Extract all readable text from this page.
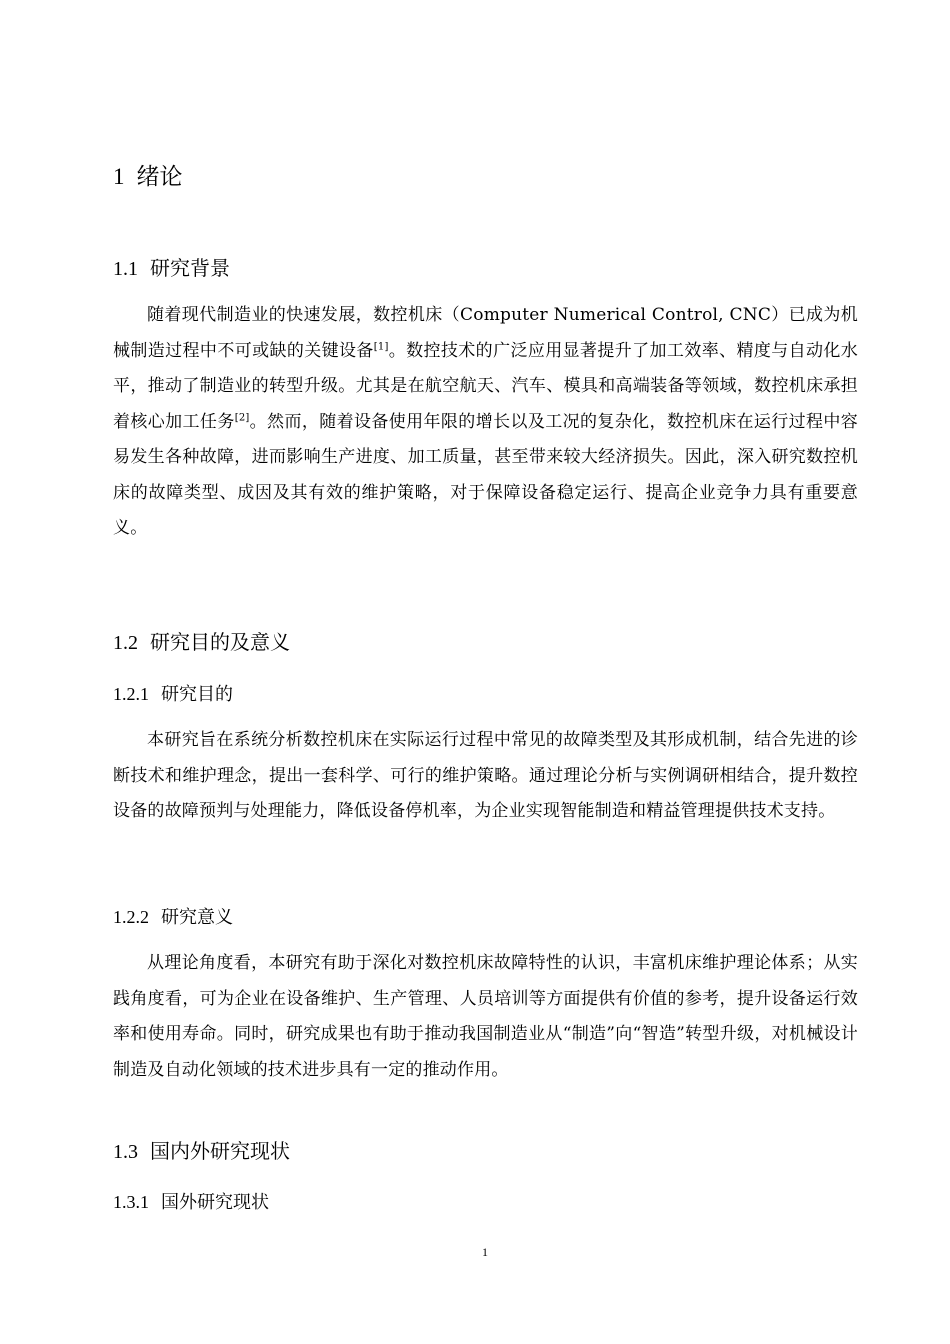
1 绪论
1.1 研究背景

随着现代制造业的快速发展，数控机床（Computer Numerical Control, CNC）已成为机械制造过程中不可或缺的关键设备[1]。数控技术的广泛应用显著提升了加工效率、精度与自动化水平，推动了制造业的转型升级。尤其是在航空航天、汽车、模具和高端装备等领域，数控机床承担着核心加工任务[2]。然而，随着设备使用年限的增长以及工况的复杂化，数控机床在运行过程中容易发生各种故障，进而影响生产进度、加工质量，甚至带来较大经济损失。因此，深入研究数控机床的故障类型、成因及其有效的维护策略，对于保障设备稳定运行、提高企业竞争力具有重要意义。

1.2 研究目的及意义
1.2.1 研究目的

本研究旨在系统分析数控机床在实际运行过程中常见的故障类型及其形成机制，结合先进的诊断技术和维护理念，提出一套科学、可行的维护策略。通过理论分析与实例调研相结合，提升数控设备的故障预判与处理能力，降低设备停机率，为企业实现智能制造和精益管理提供技术支持。

1.2.2 研究意义

从理论角度看，本研究有助于深化对数控机床故障特性的认识，丰富机床维护理论体系；从实践角度看，可为企业在设备维护、生产管理、人员培训等方面提供有价值的参考，提升设备运行效率和使用寿命。同时，研究成果也有助于推动我国制造业从“制造”向“智造”转型升级，对机械设计制造及自动化领域的技术进步具有一定的推动作用。

1.3 国内外研究现状
1.3.1 国外研究现状
1
